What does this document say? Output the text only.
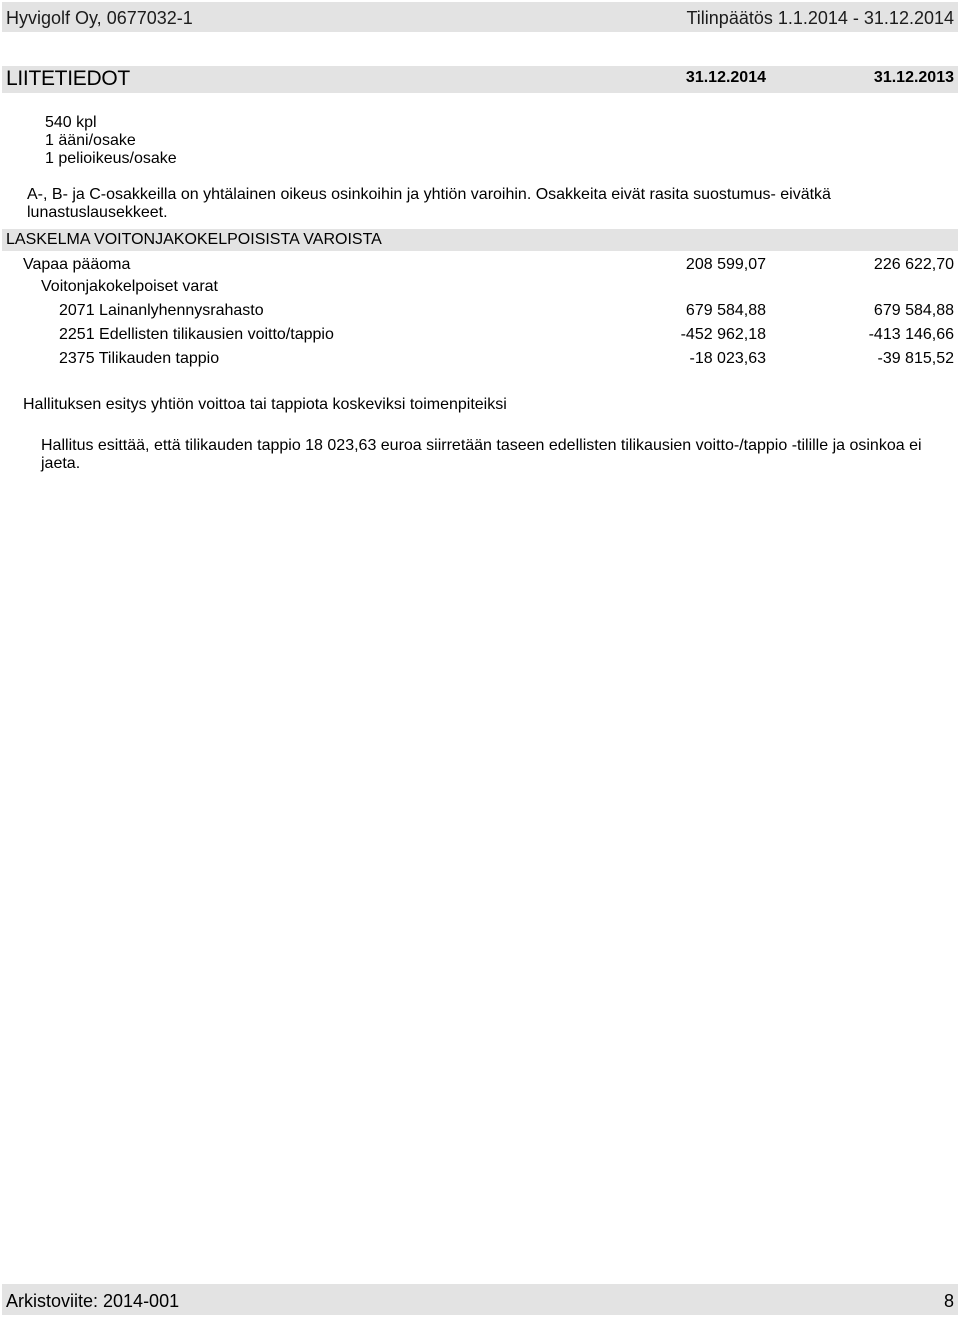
Hyvigolf Oy, 0677032-1	Tilinpäätös 1.1.2014 - 31.12.2014
LIITETIEDOT	31.12.2014	31.12.2013
540 kpl
1 ääni/osake
1 pelioikeus/osake
A-, B- ja C-osakkeilla on yhtälainen oikeus osinkoihin ja yhtiön varoihin. Osakkeita eivät rasita suostumus- eivätkä lunastuslausekkeet.
LASKELMA VOITONJAKOKELPOISISTA VAROISTA
Vapaa pääoma	208 599,07	226 622,70
Voitonjakokelpoiset varat
2071 Lainanlyhennysrahasto	679 584,88	679 584,88
2251 Edellisten tilikausien voitto/tappio	-452 962,18	-413 146,66
2375 Tilikauden tappio	-18 023,63	-39 815,52
Hallituksen esitys yhtiön voittoa tai tappiota koskeviksi toimenpiteiksi
Hallitus esittää, että tilikauden tappio 18 023,63 euroa siirretään taseen edellisten tilikausien voitto-/tappio -tilille ja osinkoa ei jaeta.
Arkistoviite: 2014-001	8
